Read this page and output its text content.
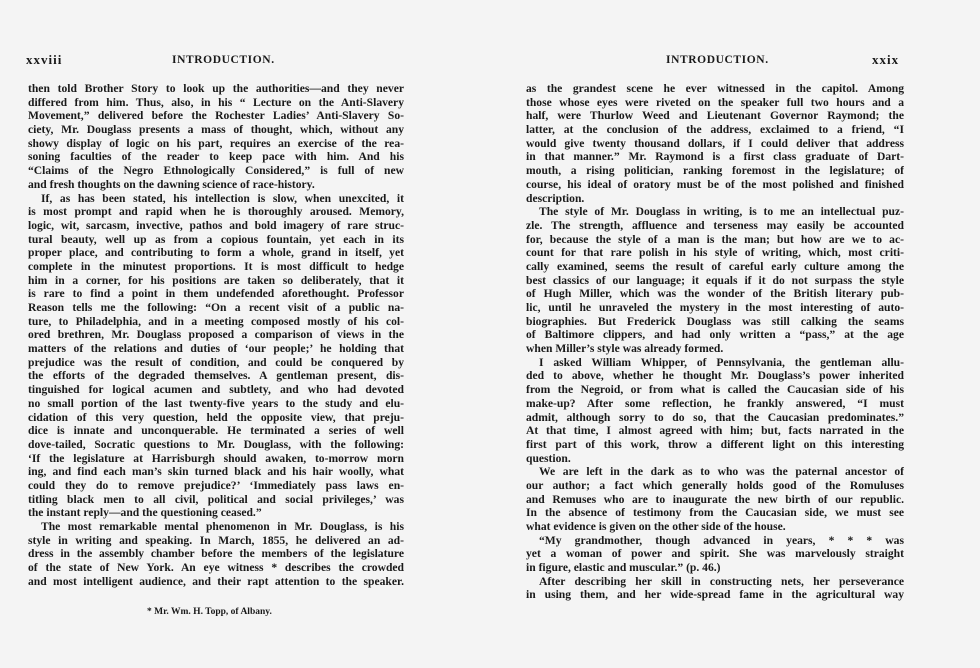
xxviii	INTRODUCTION.
then told Brother Story to look up the authorities—and they never
differed from him. Thus, also, in his “ Lecture on the Anti-Slavery
Movement,” delivered before the Rochester Ladies’ Anti-Slavery So-
ciety, Mr. Douglass presents a mass of thought, which, without any
showy display of logic on his part, requires an exercise of the rea-
soning faculties of the reader to keep pace with him. And his
“Claims of the Negro Ethnologically Considered,” is full of new
and fresh thoughts on the dawning science of race-history.
If, as has been stated, his intellection is slow, when unexcited, it
is most prompt and rapid when he is thoroughly aroused. Memory,
logic, wit, sarcasm, invective, pathos and bold imagery of rare struc-
tural beauty, well up as from a copious fountain, yet each in its
proper place, and contributing to form a whole, grand in itself, yet
complete in the minutest proportions. It is most difficult to hedge
him in a corner, for his positions are taken so deliberately, that it
is rare to find a point in them undefended aforethought. Professor
Reason tells me the following: “On a recent visit of a public na-
ture, to Philadelphia, and in a meeting composed mostly of his col-
ored brethren, Mr. Douglass proposed a comparison of views in the
matters of the relations and duties of ‘our people;’ he holding that
prejudice was the result of condition, and could be conquered by
the efforts of the degraded themselves. A gentleman present, dis-
tinguished for logical acumen and subtlety, and who had devoted
no small portion of the last twenty-five years to the study and elu-
cidation of this very question, held the opposite view, that preju-
dice is innate and unconquerable. He terminated a series of well
dove-tailed, Socratic questions to Mr. Douglass, with the following:
‘If the legislature at Harrisburgh should awaken, to-morrow morn
ing, and find each man’s skin turned black and his hair woolly, what
could they do to remove prejudice?’ ‘Immediately pass laws en-
titling black men to all civil, political and social privileges,’ was
the instant reply—and the questioning ceased.”
The most remarkable mental phenomenon in Mr. Douglass, is his
style in writing and speaking. In March, 1855, he delivered an ad-
dress in the assembly chamber before the members of the legislature
of the state of New York. An eye witness * describes the crowded
and most intelligent audience, and their rapt attention to the speaker.
* Mr. Wm. H. Topp, of Albany.
INTRODUCTION.	xxix
as the grandest scene he ever witnessed in the capitol. Among
those whose eyes were riveted on the speaker full two hours and a
half, were Thurlow Weed and Lieutenant Governor Raymond; the
latter, at the conclusion of the address, exclaimed to a friend, “I
would give twenty thousand dollars, if I could deliver that address
in that manner.” Mr. Raymond is a first class graduate of Dart-
mouth, a rising politician, ranking foremost in the legislature; of
course, his ideal of oratory must be of the most polished and finished
description.
The style of Mr. Douglass in writing, is to me an intellectual puz-
zle. The strength, affluence and terseness may easily be accounted
for, because the style of a man is the man; but how are we to ac-
count for that rare polish in his style of writing, which, most criti-
cally examined, seems the result of careful early culture among the
best classics of our language; it equals if it do not surpass the style
of Hugh Miller, which was the wonder of the British literary pub-
lic, until he unraveled the mystery in the most interesting of auto-
biographies. But Frederick Douglass was still calking the seams
of Baltimore clippers, and had only written a “pass,” at the age
when Miller’s style was already formed.
I asked William Whipper, of Pennsylvania, the gentleman allu-
ded to above, whether he thought Mr. Douglass’s power inherited
from the Negroid, or from what is called the Caucasian side of his
make-up? After some reflection, he frankly answered, “I must
admit, although sorry to do so, that the Caucasian predominates.”
At that time, I almost agreed with him; but, facts narrated in the
first part of this work, throw a different light on this interesting
question.
We are left in the dark as to who was the paternal ancestor of
our author; a fact which generally holds good of the Romuluses
and Remuses who are to inaugurate the new birth of our republic.
In the absence of testimony from the Caucasian side, we must see
what evidence is given on the other side of the house.
“My grandmother, though advanced in years, * * * was
yet a woman of power and spirit. She was marvelously straight
in figure, elastic and muscular.” (p. 46.)
After describing her skill in constructing nets, her perseverance
in using them, and her wide-spread fame in the agricultural way
